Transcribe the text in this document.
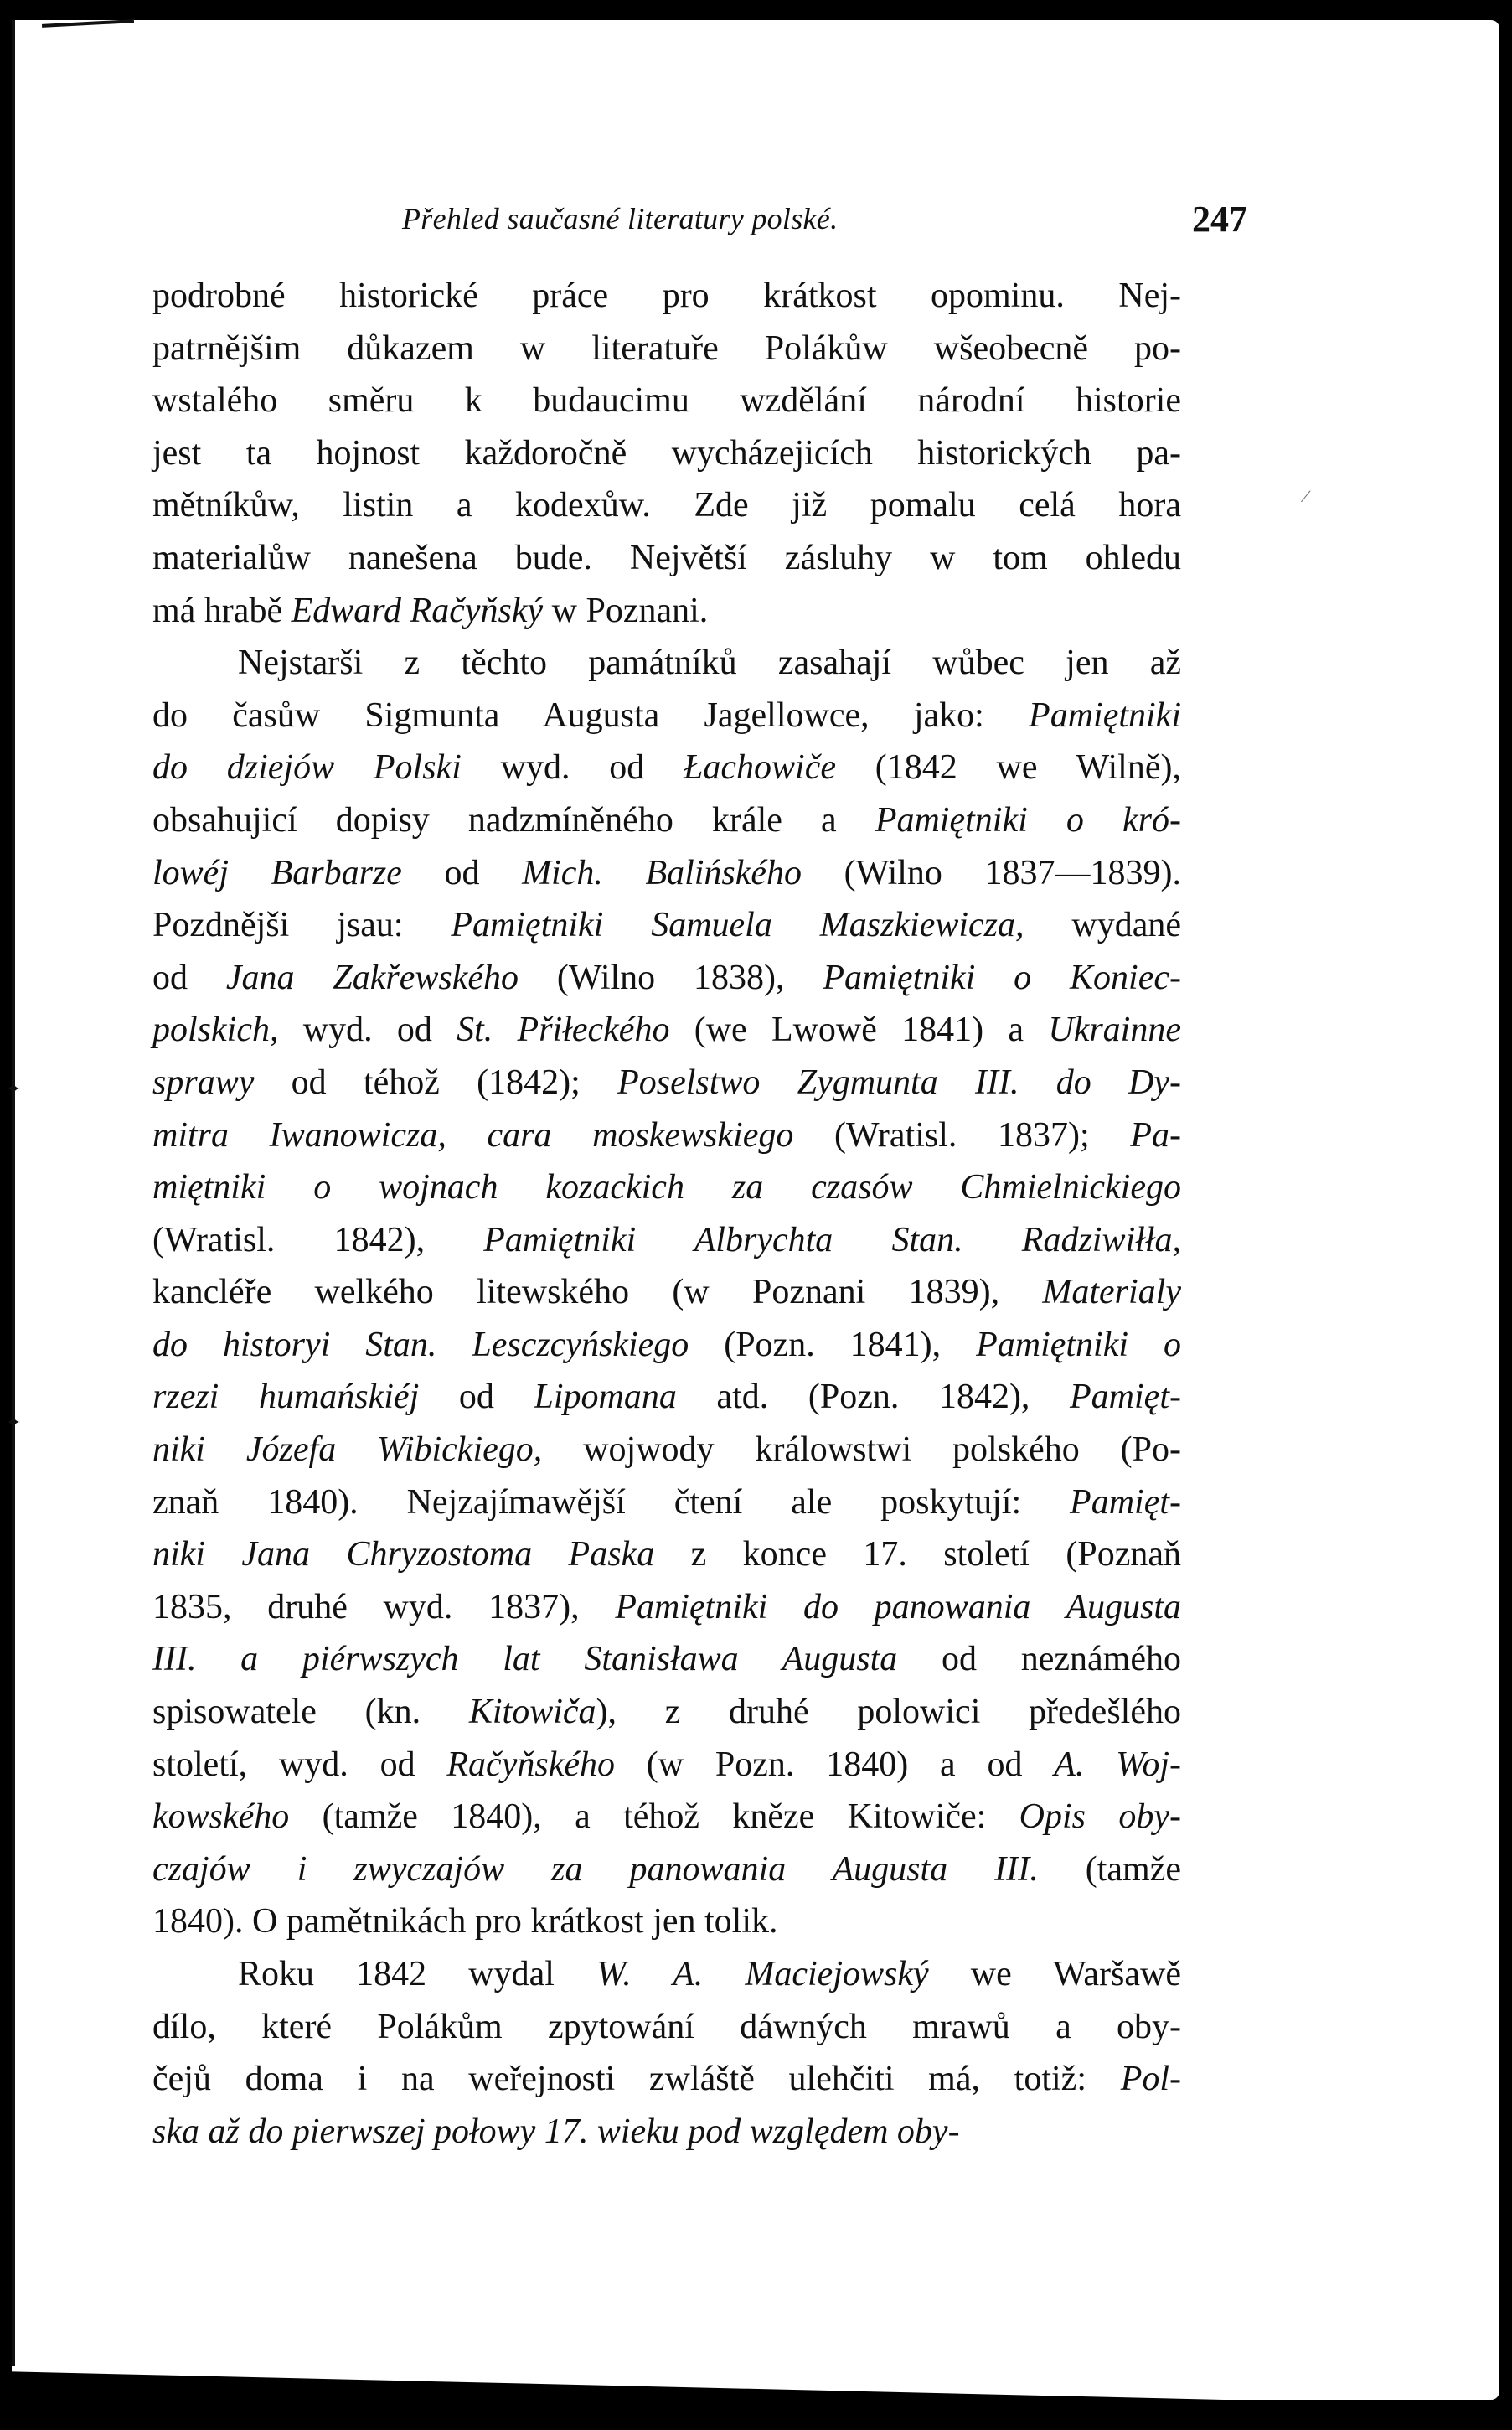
✦
✦
/
Přehled saučasné literatury polské.	247
podrobné historické práce pro krátkost opominu. Nej-
patrnějšim důkazem w literatuře Polákůw wšeobecně po-
wstalého směru k budaucimu wzdělání národní historie
jest ta hojnost každoročně wycházejicích historických pa-
mětníkůw, listin a kodexůw. Zde již pomalu celá hora
materialůw nanešena bude. Největší zásluhy w tom ohledu
má hrabě Edward Račyňský w Poznani.
Nejstarši z těchto památníků zasahají wůbec jen až
do časůw Sigmunta Augusta Jagellowce, jako: Pamiętniki
do dziejów Polski wyd. od Łachowiče (1842 we Wilně),
obsahujicí dopisy nadzmíněného krále a Pamiętniki o kró-
lowéj Barbarze od Mich. Balińského (Wilno 1837—1839).
Pozdnějši jsau: Pamiętniki Samuela Maszkiewicza, wydané
od Jana Zakřewského (Wilno 1838), Pamiętniki o Koniec-
polskich, wyd. od St. Přiłeckého (we Lwowě 1841) a Ukrainne
sprawy od téhož (1842); Poselstwo Zygmunta III. do Dy-
mitra Iwanowicza, cara moskewskiego (Wratisl. 1837); Pa-
miętniki o wojnach kozackich za czasów Chmielnickiego
(Wratisl. 1842), Pamiętniki Albrychta Stan. Radziwiłła,
kancléře welkého litewského (w Poznani 1839), Materialy
do historyi Stan. Lesczcyńskiego (Pozn. 1841), Pamiętniki o
rzezi humańskiéj od Lipomana atd. (Pozn. 1842), Pamięt-
niki Józefa Wibickiego, wojwody králowstwi polského (Po-
znaň 1840). Nejzajímawější čtení ale poskytují: Pamięt-
niki Jana Chryzostoma Paska z konce 17. století (Poznaň
1835, druhé wyd. 1837), Pamiętniki do panowania Augusta
III. a piérwszych lat Stanisława Augusta od neznámého
spisowatele (kn. Kitowiča), z druhé polowici předešlého
století, wyd. od Račyňského (w Pozn. 1840) a od A. Woj-
kowského (tamže 1840), a téhož kněze Kitowiče: Opis oby-
czajów i zwyczajów za panowania Augusta III. (tamže
1840). O pamětnikách pro krátkost jen tolik.
Roku 1842 wydal W. A. Maciejowský we Waršawě
dílo, které Polákům zpytowání dáwných mrawů a oby-
čejů doma i na weřejnosti zwláště ulehčiti má, totiž: Pol-
ska až do pierwszej połowy 17. wieku pod względem oby-
